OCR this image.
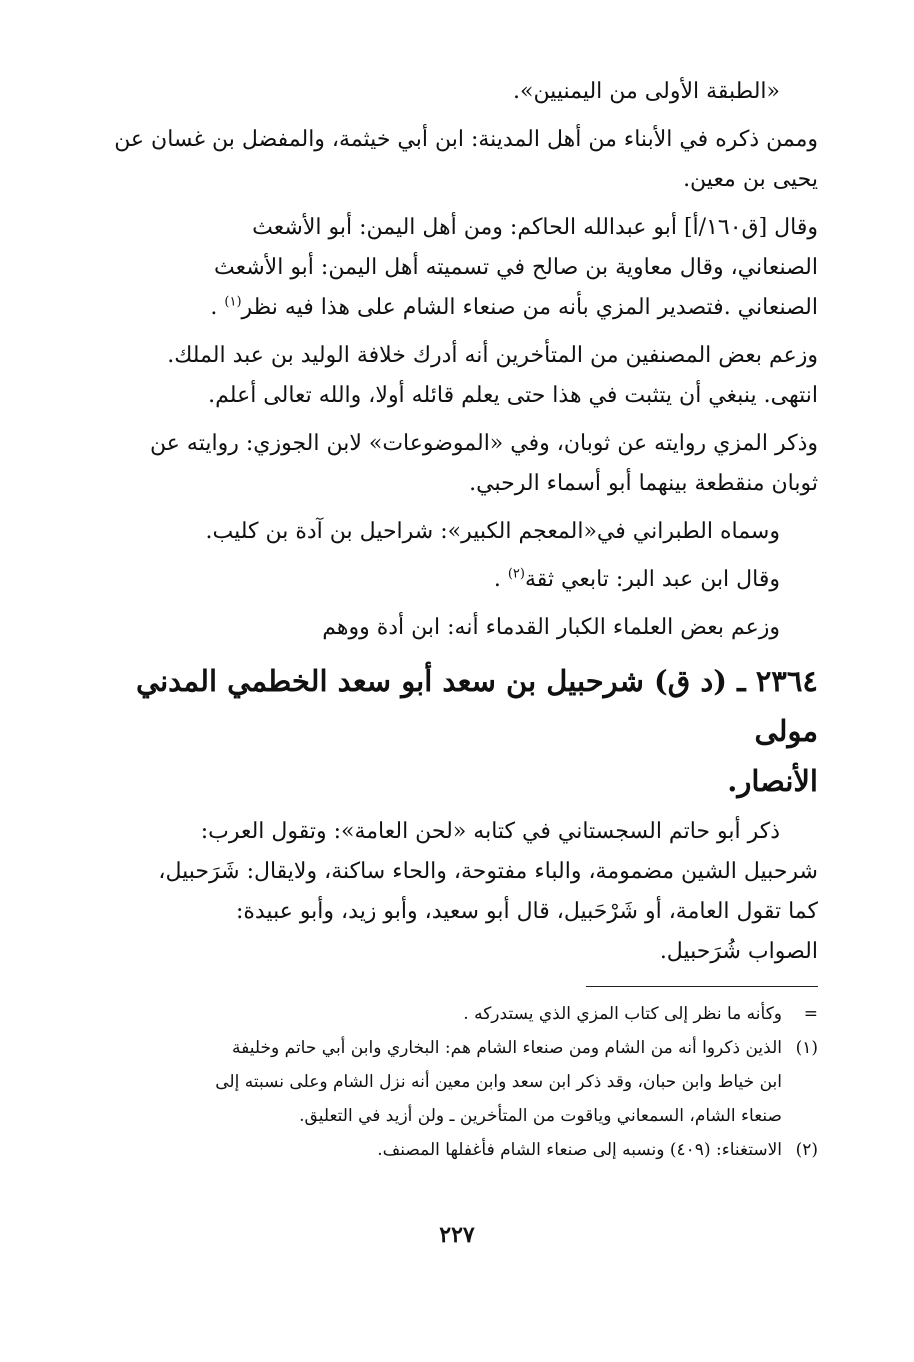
«الطبقة الأولى من اليمنيين».
وممن ذكره في الأبناء من أهل المدينة: ابن أبي خيثمة، والمفضل بن غسان عن
يحيى بن معين.
وقال [ق١٦٠/أ] أبو عبدالله الحاكم: ومن أهل اليمن: أبو الأشعث
الصنعاني، وقال معاوية بن صالح في تسميته أهل اليمن: أبو الأشعث
الصنعاني .فتصدير المزي بأنه من صنعاء الشام على هذا فيه نظر$^{(١)}$ .
وزعم بعض المصنفين من المتأخرين أنه أدرك خلافة الوليد بن عبد الملك.
انتهى. ينبغي أن يتثبت في هذا حتى يعلم قائله أولا، والله تعالى أعلم.
وذكر المزي روايته عن ثوبان، وفي «الموضوعات» لابن الجوزي: روايته عن
ثوبان منقطعة بينهما أبو أسماء الرحبي.
وسماه الطبراني في«المعجم الكبير»: شراحيل بن آدة بن كليب.
وقال ابن عبد البر: تابعي ثقة$^{(٢)}$ .
وزعم بعض العلماء الكبار القدماء أنه: ابن أدة ووهم
٢٣٦٤ ـ (د ق) شرحبيل بن سعد أبو سعد الخطمي المدني مولى
الأنصار.
ذكر أبو حاتم السجستاني في كتابه «لحن العامة»: وتقول العرب:
شرحبيل الشين مضمومة، والباء مفتوحة، والحاء ساكنة، ولايقال: شَرَحبيل،
كما تقول العامة، أو شَرْحَبيل، قال أبو سعيد، وأبو زيد، وأبو عبيدة:
الصواب شُرَحبيل.
=وكأنه ما نظر إلى كتاب المزي الذي يستدركه .
(١)الذين ذكروا أنه من الشام ومن صنعاء الشام هم: البخاري وابن أبي حاتم وخليفة
ابن خياط وابن حبان، وقد ذكر ابن سعد وابن معين أنه نزل الشام وعلى نسبته إلى
صنعاء الشام، السمعاني وياقوت من المتأخرين ـ ولن أزيد في التعليق.
(٢)الاستغناء: (٤٠٩) ونسبه إلى صنعاء الشام فأغفلها المصنف.
٢٢٧
